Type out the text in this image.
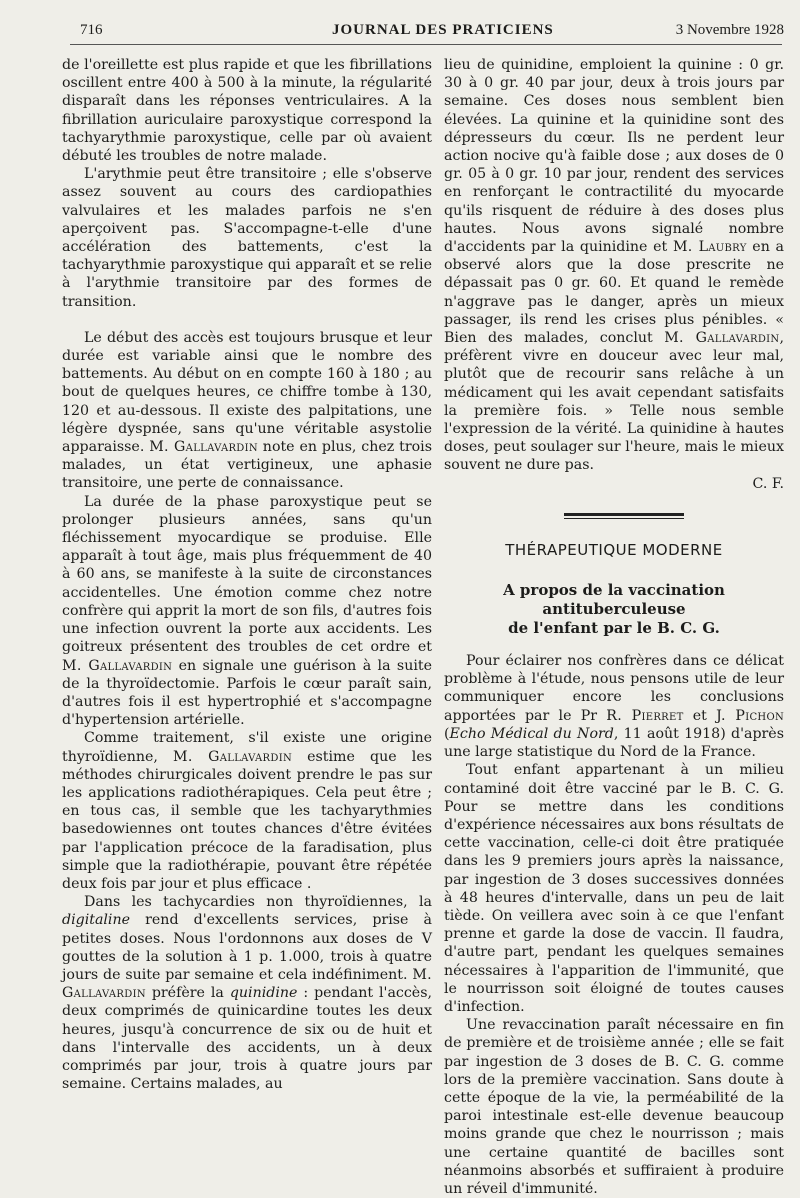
716	JOURNAL DES PRATICIENS	3 Novembre 1928

de l'oreillette est plus rapide et que les fibrillations oscillent entre 400 à 500 à la minute, la régularité disparaît dans les réponses ventriculaires. A la fibrillation auriculaire paroxystique correspond la tachyarythmie paroxystique, celle par où avaient débuté les troubles de notre malade.

L'arythmie peut être transitoire ; elle s'observe assez souvent au cours des cardiopathies valvulaires et les malades parfois ne s'en aperçoivent pas. S'accompagne-t-elle d'une accélération des battements, c'est la tachyarythmie paroxystique qui apparaît et se relie à l'arythmie transitoire par des formes de transition.

Le début des accès est toujours brusque et leur durée est variable ainsi que le nombre des battements. Au début on en compte 160 à 180 ; au bout de quelques heures, ce chiffre tombe à 130, 120 et au-dessous. Il existe des palpitations, une légère dyspnée, sans qu'une véritable asystolie apparaisse. M. Gallavardin note en plus, chez trois malades, un état vertigineux, une aphasie transitoire, une perte de connaissance.

La durée de la phase paroxystique peut se prolonger plusieurs années, sans qu'un fléchissement myocardique se produise. Elle apparaît à tout âge, mais plus fréquemment de 40 à 60 ans, se manifeste à la suite de circonstances accidentelles. Une émotion comme chez notre confrère qui apprit la mort de son fils, d'autres fois une infection ouvrent la porte aux accidents. Les goitreux présentent des troubles de cet ordre et M. Gallavardin en signale une guérison à la suite de la thyroïdectomie. Parfois le cœur paraît sain, d'autres fois il est hypertrophié et s'accompagne d'hypertension artérielle.

Comme traitement, s'il existe une origine thyroïdienne, M. Gallavardin estime que les méthodes chirurgicales doivent prendre le pas sur les applications radiothérapiques. Cela peut être ; en tous cas, il semble que les tachyarythmies basedowiennes ont toutes chances d'être évitées par l'application précoce de la faradisation, plus simple que la radiothérapie, pouvant être répétée deux fois par jour et plus efficace .

Dans les tachycardies non thyroïdiennes, la digitaline rend d'excellents services, prise à petites doses. Nous l'ordonnons aux doses de V gouttes de la solution à 1 p. 1.000, trois à quatre jours de suite par semaine et cela indéfiniment. M. Gallavardin préfère la quinidine : pendant l'accès, deux comprimés de quinicardine toutes les deux heures, jusqu'à concurrence de six ou de huit et dans l'intervalle des accidents, un à deux comprimés par jour, trois à quatre jours par semaine. Certains malades, au

lieu de quinidine, emploient la quinine : 0 gr. 30 à 0 gr. 40 par jour, deux à trois jours par semaine. Ces doses nous semblent bien élevées. La quinine et la quinidine sont des dépresseurs du cœur. Ils ne perdent leur action nocive qu'à faible dose ; aux doses de 0 gr. 05 à 0 gr. 10 par jour, rendent des services en renforçant le contractilité du myocarde qu'ils risquent de réduire à des doses plus hautes. Nous avons signalé nombre d'accidents par la quinidine et M. Laubry en a observé alors que la dose prescrite ne dépassait pas 0 gr. 60. Et quand le remède n'aggrave pas le danger, après un mieux passager, ils rend les crises plus pénibles. « Bien des malades, conclut M. Gallavardin, préfèrent vivre en douceur avec leur mal, plutôt que de recourir sans relâche à un médicament qui les avait cependant satisfaits la première fois. » Telle nous semble l'expression de la vérité. La quinidine à hautes doses, peut soulager sur l'heure, mais le mieux souvent ne dure pas.

C. F.

THÉRAPEUTIQUE MODERNE
A propos de la vaccination antituberculeuse
de l'enfant par le B. C. G.

Pour éclairer nos confrères dans ce délicat problème à l'étude, nous pensons utile de leur communiquer encore les conclusions apportées par le Pr R. Pierret et J. Pichon (Echo Médical du Nord, 11 août 1918) d'après une large statistique du Nord de la France.

Tout enfant appartenant à un milieu contaminé doit être vacciné par le B. C. G. Pour se mettre dans les conditions d'expérience nécessaires aux bons résultats de cette vaccination, celle-ci doit être pratiquée dans les 9 premiers jours après la naissance, par ingestion de 3 doses successives données à 48 heures d'intervalle, dans un peu de lait tiède. On veillera avec soin à ce que l'enfant prenne et garde la dose de vaccin. Il faudra, d'autre part, pendant les quelques semaines nécessaires à l'apparition de l'immunité, que le nourrisson soit éloigné de toutes causes d'infection.

Une revaccination paraît nécessaire en fin de première et de troisième année ; elle se fait par ingestion de 3 doses de B. C. G. comme lors de la première vaccination. Sans doute à cette époque de la vie, la perméabilité de la paroi intestinale est-elle devenue beaucoup moins grande que chez le nourrisson ; mais une certaine quantité de bacilles sont néanmoins absorbés et suffiraient à produire un réveil d'immunité.
